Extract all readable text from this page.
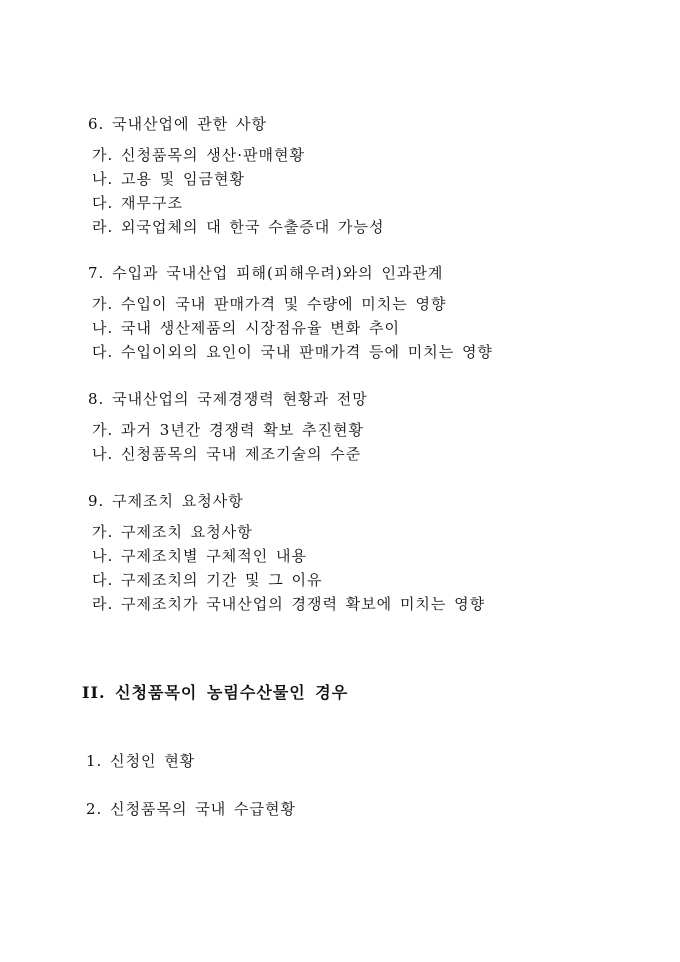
6. 국내산업에 관한 사항
가. 신청품목의 생산·판매현황
나. 고용 및 임금현황
다. 재무구조
라. 외국업체의 대 한국 수출증대 가능성
7. 수입과 국내산업 피해(피해우려)와의 인과관계
가. 수입이 국내 판매가격 및 수량에 미치는 영향
나. 국내 생산제품의 시장점유율 변화 추이
다. 수입이외의 요인이 국내 판매가격 등에 미치는 영향
8. 국내산업의 국제경쟁력 현황과 전망
가. 과거 3년간 경쟁력 확보 추진현황
나. 신청품목의 국내 제조기술의 수준
9. 구제조치 요청사항
가. 구제조치 요청사항
나. 구제조치별 구체적인 내용
다. 구제조치의 기간 및 그 이유
라. 구제조치가 국내산업의 경쟁력 확보에 미치는 영향
II. 신청품목이 농림수산물인 경우
1. 신청인 현황
2. 신청품목의 국내 수급현황
